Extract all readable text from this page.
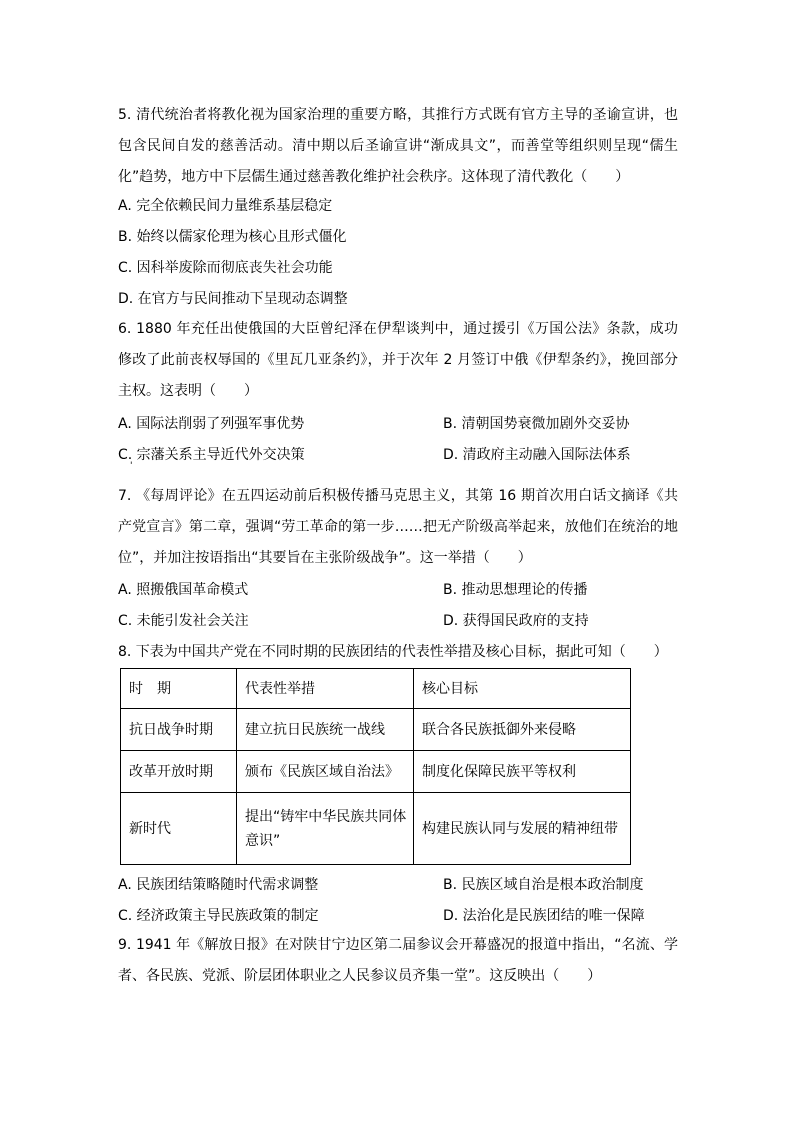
5. 清代统治者将教化视为国家治理的重要方略，其推行方式既有官方主导的圣谕宣讲，也包含民间自发的慈善活动。清中期以后圣谕宣讲“渐成具文”，而善堂等组织则呈现“儒生化”趋势，地方中下层儒生通过慈善教化维护社会秩序。这体现了清代教化（　　）

A. 完全依赖民间力量维系基层稳定
B. 始终以儒家伦理为核心且形式僵化
C. 因科举废除而彻底丧失社会功能
D. 在官方与民间推动下呈现动态调整

6. 1880 年充任出使俄国的大臣曾纪泽在伊犁谈判中，通过援引《万国公法》条款，成功修改了此前丧权辱国的《里瓦几亚条约》，并于次年 2 月签订中俄《伊犁条约》，挽回部分主权。这表明（　　）

A. 国际法削弱了列强军事优势	B. 清朝国势衰微加剧外交妥协
C. 宗藩关系主导近代外交决策	D. 清政府主动融入国际法体系
'

7. 《每周评论》在五四运动前后积极传播马克思主义，其第 16 期首次用白话文摘译《共产党宣言》第二章，强调“劳工革命的第一步……把无产阶级高举起来，放他们在统治的地位”，并加注按语指出“其要旨在主张阶级战争”。这一举措（　　）

A. 照搬俄国革命模式	B. 推动思想理论的传播
C. 未能引发社会关注	D. 获得国民政府的支持
8. 下表为中国共产党在不同时期的民族团结的代表性举措及核心目标，据此可知（　　）
时　期	代表性举措	核心目标
抗日战争时期	建立抗日民族统一战线	联合各民族抵御外来侵略
改革开放时期	颁布《民族区域自治法》	制度化保障民族平等权利
新时代	提出“铸牢中华民族共同体意识”	构建民族认同与发展的精神纽带
A. 民族团结策略随时代需求调整	B. 民族区域自治是根本政治制度
C. 经济政策主导民族政策的制定	D. 法治化是民族团结的唯一保障

9. 1941 年《解放日报》在对陕甘宁边区第二届参议会开幕盛况的报道中指出，“名流、学者、各民族、党派、阶层团体职业之人民参议员齐集一堂”。这反映出（　　）
